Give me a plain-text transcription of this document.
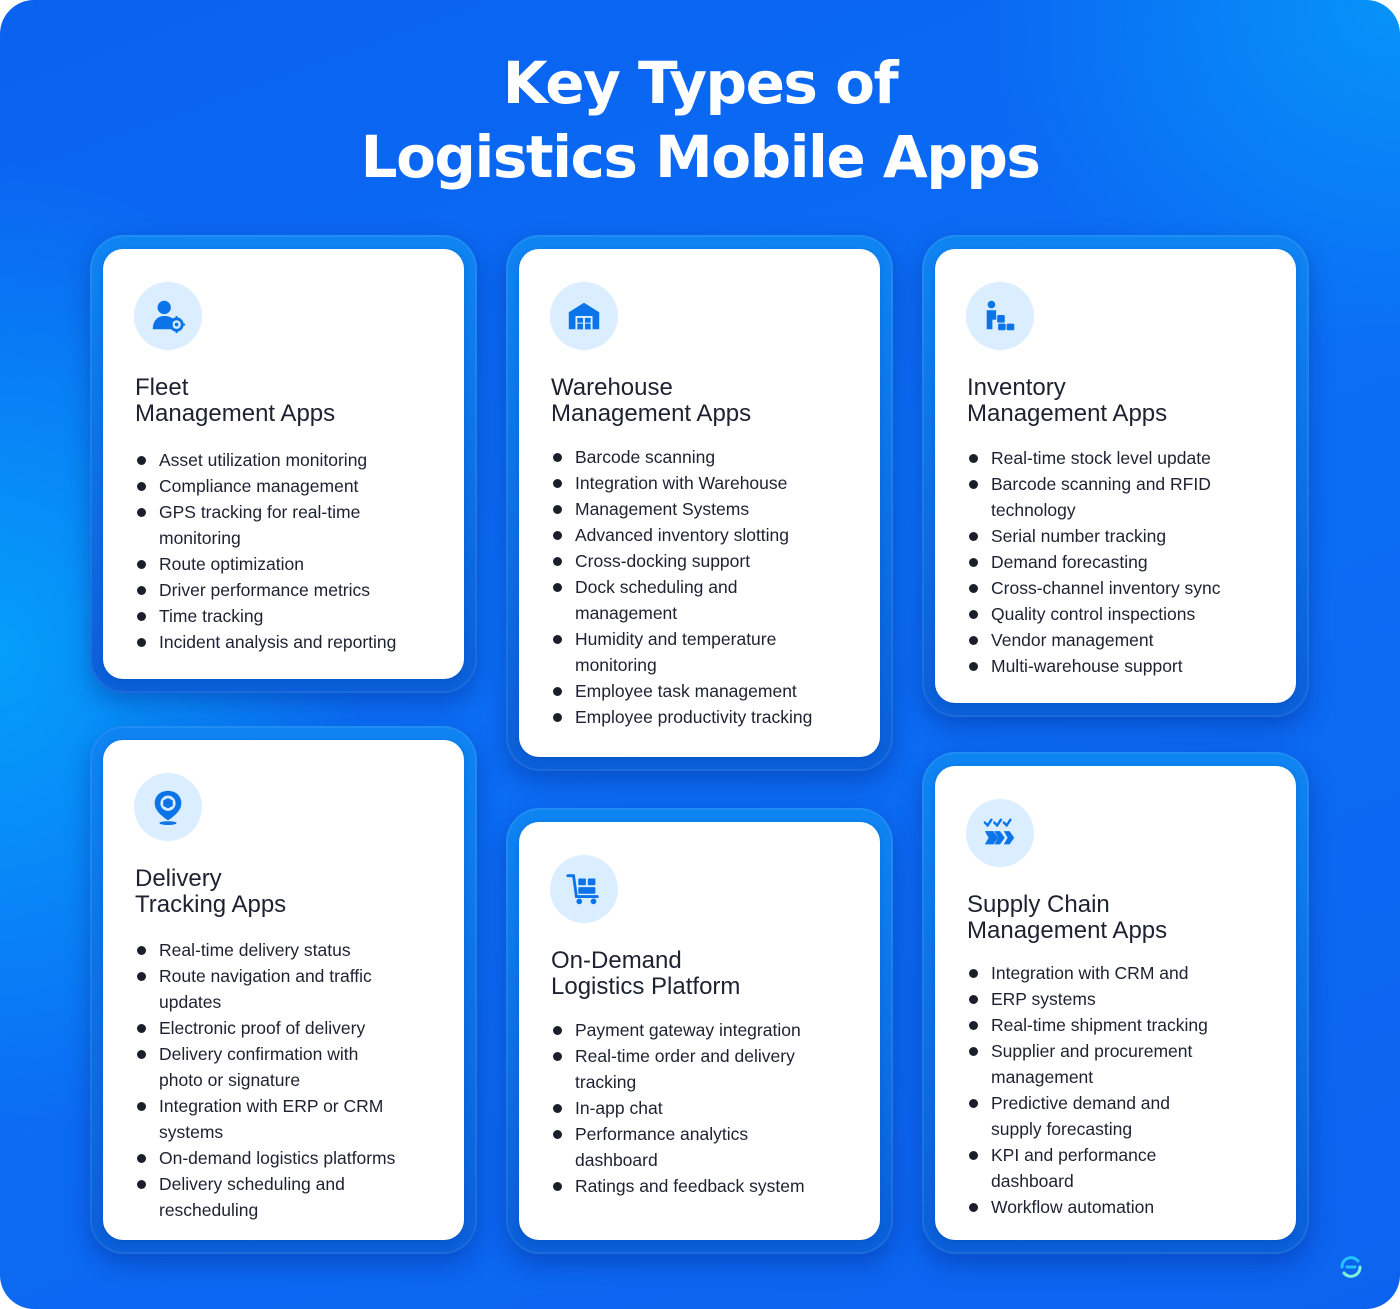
Key Types of
Logistics Mobile Apps
Fleet
Management Apps
Asset utilization monitoring
Compliance management
GPS tracking for real-time
monitoring
Route optimization
Driver performance metrics
Time tracking
Incident analysis and reporting
Warehouse
Management Apps
Barcode scanning
Integration with Warehouse
Management Systems
Advanced inventory slotting
Cross-docking support
Dock scheduling and
management
Humidity and temperature
monitoring
Employee task management
Employee productivity tracking
Inventory
Management Apps
Real-time stock level update
Barcode scanning and RFID
technology
Serial number tracking
Demand forecasting
Cross-channel inventory sync
Quality control inspections
Vendor management
Multi-warehouse support
Delivery
Tracking Apps
Real-time delivery status
Route navigation and traffic
updates
Electronic proof of delivery
Delivery confirmation with
photo or signature
Integration with ERP or CRM
systems
On-demand logistics platforms
Delivery scheduling and
rescheduling
On-Demand
Logistics Platform
Payment gateway integration
Real-time order and delivery
tracking
In-app chat
Performance analytics
dashboard
Ratings and feedback system
Supply Chain
Management Apps
Integration with CRM and
ERP systems
Real-time shipment tracking
Supplier and procurement
management
Predictive demand and
supply forecasting
KPI and performance
dashboard
Workflow automation
